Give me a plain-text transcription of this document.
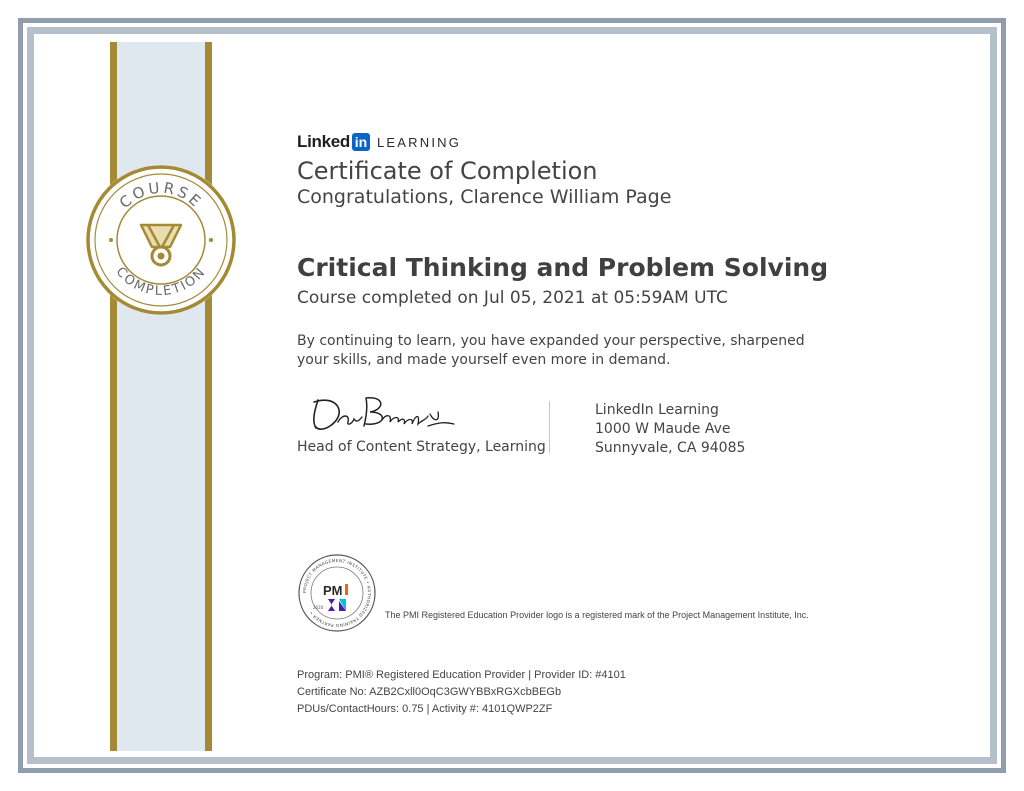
COURSE
COMPLETION
Linked in LEARNING
Certificate of Completion
Congratulations, Clarence William Page
Critical Thinking and Problem Solving
Course completed on Jul 05, 2021 at 05:59AM UTC
By continuing to learn, you have expanded your perspective, sharpened your skills, and made yourself even more in demand.
Head of Content Strategy, Learning
LinkedIn Learning
1000 W Maude Ave
Sunnyvale, CA 94085
PROJECT MANAGEMENT INSTITUTE • AUTHORIZED TRAINING PARTNER •
PM
2020
The PMI Registered Education Provider logo is a registered mark of the Project Management Institute, Inc.
Program: PMI® Registered Education Provider | Provider ID: #4101
Certificate No: AZB2Cxll0OqC3GWYBBxRGXcbBEGb
PDUs/ContactHours: 0.75 | Activity #: 4101QWP2ZF
